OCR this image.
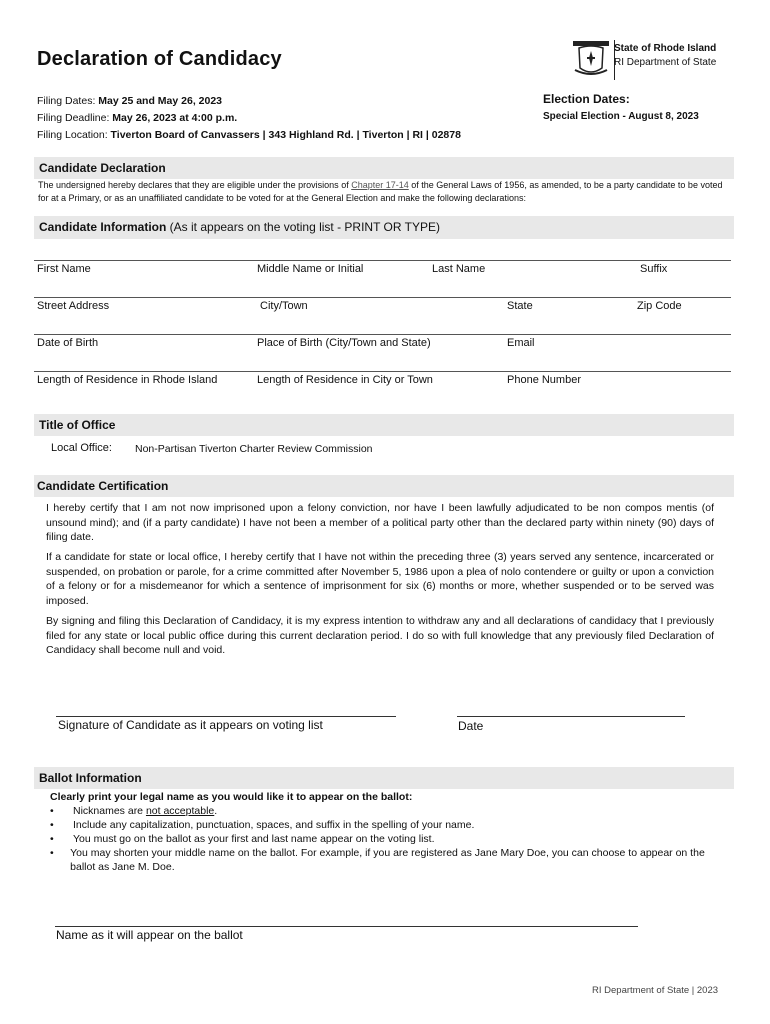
Declaration of Candidacy	State of Rhode Island
RI Department of State
Filing Dates: May 25 and May 26, 2023
Filing Deadline: May 26, 2023 at 4:00 p.m.
Filing Location: Tiverton Board of Canvassers | 343 Highland Rd. | Tiverton | RI | 02878
Election Dates:
Special Election - August 8, 2023
Candidate Declaration
The undersigned hereby declares that they are eligible under the provisions of Chapter 17-14 of the General Laws of 1956, as amended, to be a party candidate to be voted for at a Primary, or as an unaffiliated candidate to be voted for at the General Election and make the following declarations:
Candidate Information (As it appears on the voting list - PRINT OR TYPE)
First Name	Middle Name or Initial	Last Name	Suffix
Street Address	City/Town	State	Zip Code
Date of Birth	Place of Birth (City/Town and State)	Email
Length of Residence in Rhode Island	Length of Residence in City or Town	Phone Number
Title of Office
Local Office: Non-Partisan Tiverton Charter Review Commission
Candidate Certification
I hereby certify that I am not now imprisoned upon a felony conviction, nor have I been lawfully adjudicated to be non compos mentis (of unsound mind); and (if a party candidate) I have not been a member of a political party other than the declared party within ninety (90) days of filing date.
If a candidate for state or local office, I hereby certify that I have not within the preceding three (3) years served any sentence, incarcerated or suspended, on probation or parole, for a crime committed after November 5, 1986 upon a plea of nolo contendere or guilty or upon a conviction of a felony or for a misdemeanor for which a sentence of imprisonment for six (6) months or more, whether suspended or to be served was imposed.
By signing and filing this Declaration of Candidacy, it is my express intention to withdraw any and all declarations of candidacy that I previously filed for any state or local public office during this current declaration period. I do so with full knowledge that any previously filed Declaration of Candidacy shall become null and void.
Signature of Candidate as it appears on voting list	Date
Ballot Information
Clearly print your legal name as you would like it to appear on the ballot:
•	Nicknames are not acceptable.
•	Include any capitalization, punctuation, spaces, and suffix in the spelling of your name.
•	You must go on the ballot as your first and last name appear on the voting list.
•	You may shorten your middle name on the ballot. For example, if you are registered as Jane Mary Doe, you can choose to appear on the ballot as Jane M. Doe.
Name as it will appear on the ballot
RI Department of State | 2023
